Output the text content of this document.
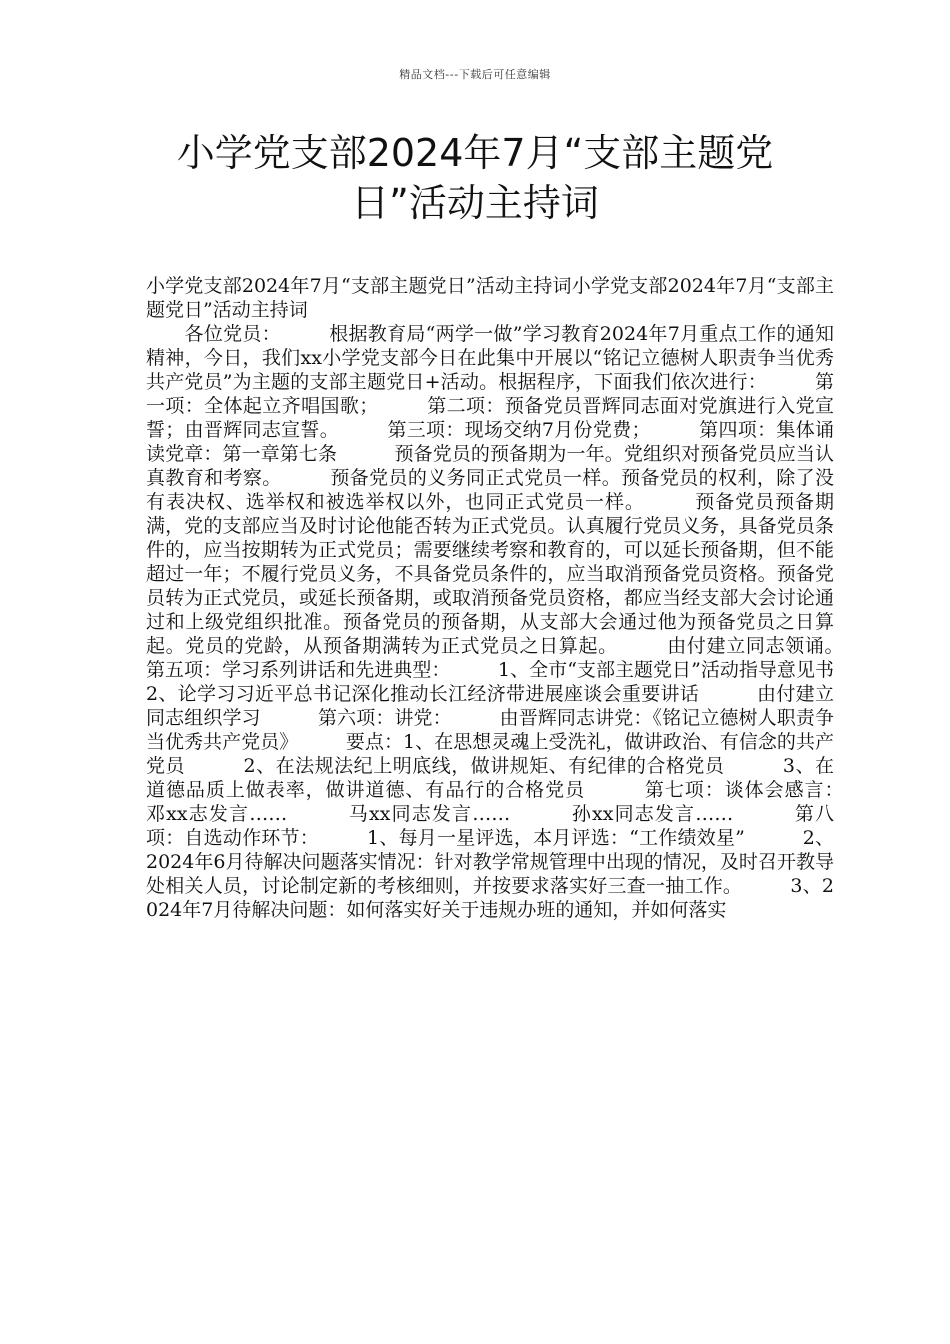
精品文档---下载后可任意编辑
小学党支部2024年7月“支部主题党日”活动主持词

小学党支部2024年7月“支部主题党日”活动主持词小学党支部2024年7月“支部主题党日”活动主持词
　　各位党员：　　　根据教育局“两学一做”学习教育2024年7月重点工作的通知精神，今日，我们xx小学党支部今日在此集中开展以“铭记立德树人职责争当优秀共产党员”为主题的支部主题党日+活动。根据程序，下面我们依次进行：　　　第一项：全体起立齐唱国歌；　　　第二项：预备党员晋辉同志面对党旗进行入党宣誓；由晋辉同志宣誓。　　　第三项：现场交纳7月份党费；　　　第四项：集体诵读党章：第一章第七条　　　预备党员的预备期为一年。党组织对预备党员应当认真教育和考察。　　　预备党员的义务同正式党员一样。预备党员的权利，除了没有表决权、选举权和被选举权以外，也同正式党员一样。　　　预备党员预备期满，党的支部应当及时讨论他能否转为正式党员。认真履行党员义务，具备党员条件的，应当按期转为正式党员；需要继续考察和教育的，可以延长预备期，但不能超过一年；不履行党员义务，不具备党员条件的，应当取消预备党员资格。预备党员转为正式党员，或延长预备期，或取消预备党员资格，都应当经支部大会讨论通过和上级党组织批准。预备党员的预备期，从支部大会通过他为预备党员之日算起。党员的党龄，从预备期满转为正式党员之日算起。　　　由付建立同志领诵。　　　第五项：学习系列讲话和先进典型：　　　1、全市“支部主题党日”活动指导意见书　　　2、论学习习近平总书记深化推动长江经济带进展座谈会重要讲话　　　由付建立同志组织学习　　　第六项：讲党：　　　由晋辉同志讲党：《铭记立德树人职责争当优秀共产党员》　　　要点：1、在思想灵魂上受洗礼，做讲政治、有信念的共产党员　　　2、在法规法纪上明底线，做讲规矩、有纪律的合格党员　　　3、在道德品质上做表率，做讲道德、有品行的合格党员　　　第七项：谈体会感言：　　　邓xx志发言……　　　马xx同志发言……　　　孙xx同志发言……　　　第八项：自选动作环节：　　　1、每月一星评选，本月评选：“工作绩效星”　　　2、2024年6月待解决问题落实情况：针对教学常规管理中出现的情况，及时召开教导处相关人员，讨论制定新的考核细则，并按要求落实好三查一抽工作。　　　3、2024年7月待解决问题：如何落实好关于违规办班的通知，并如何落实
